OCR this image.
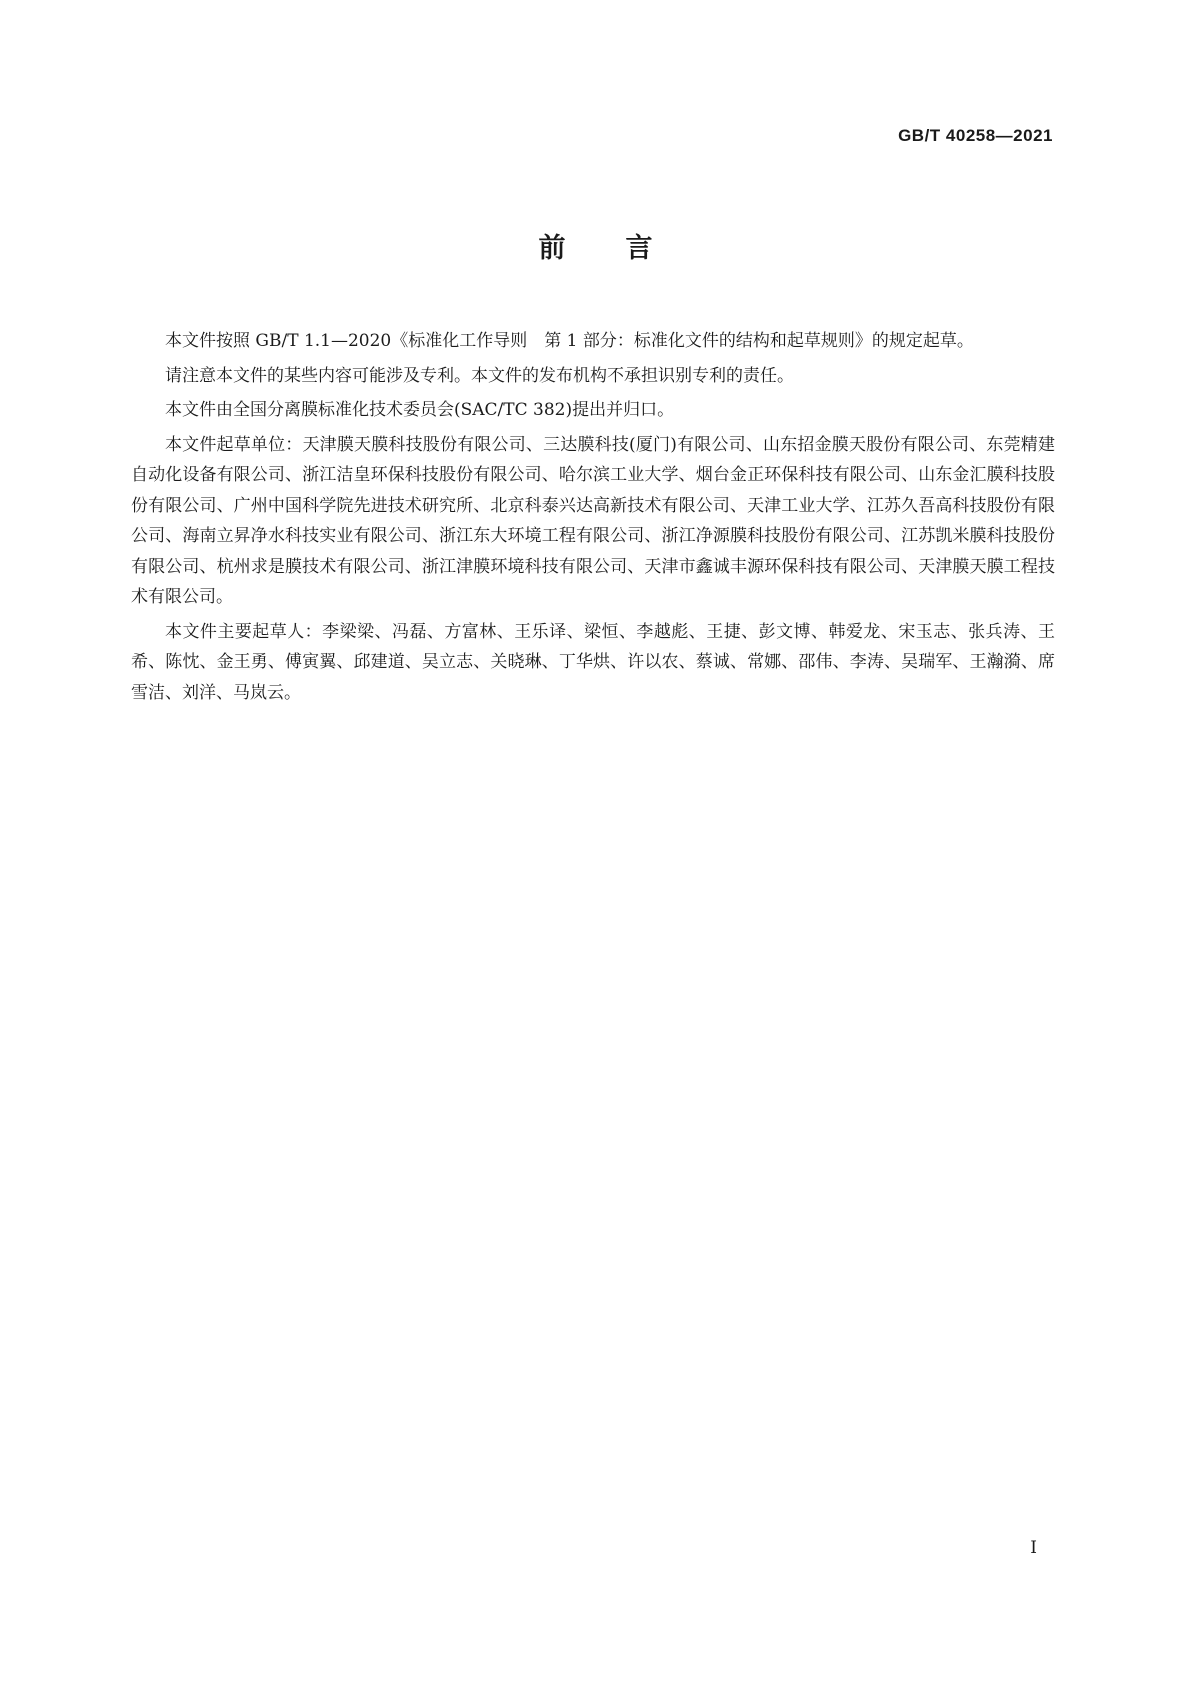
GB/T 40258—2021
前言

本文件按照 GB/T 1.1—2020《标准化工作导则　第 1 部分：标准化文件的结构和起草规则》的规定起草。

请注意本文件的某些内容可能涉及专利。本文件的发布机构不承担识别专利的责任。

本文件由全国分离膜标准化技术委员会(SAC/TC 382)提出并归口。

本文件起草单位：天津膜天膜科技股份有限公司、三达膜科技(厦门)有限公司、山东招金膜天股份有限公司、东莞精建自动化设备有限公司、浙江洁皇环保科技股份有限公司、哈尔滨工业大学、烟台金正环保科技有限公司、山东金汇膜科技股份有限公司、广州中国科学院先进技术研究所、北京科泰兴达高新技术有限公司、天津工业大学、江苏久吾高科技股份有限公司、海南立昇净水科技实业有限公司、浙江东大环境工程有限公司、浙江净源膜科技股份有限公司、江苏凯米膜科技股份有限公司、杭州求是膜技术有限公司、浙江津膜环境科技有限公司、天津市鑫诚丰源环保科技有限公司、天津膜天膜工程技术有限公司。

本文件主要起草人：李梁梁、冯磊、方富林、王乐译、梁恒、李越彪、王捷、彭文博、韩爱龙、宋玉志、张兵涛、王希、陈忱、金王勇、傅寅翼、邱建道、吴立志、关晓琳、丁华烘、许以农、蔡诚、常娜、邵伟、李涛、吴瑞军、王瀚漪、席雪洁、刘洋、马岚云。

I
